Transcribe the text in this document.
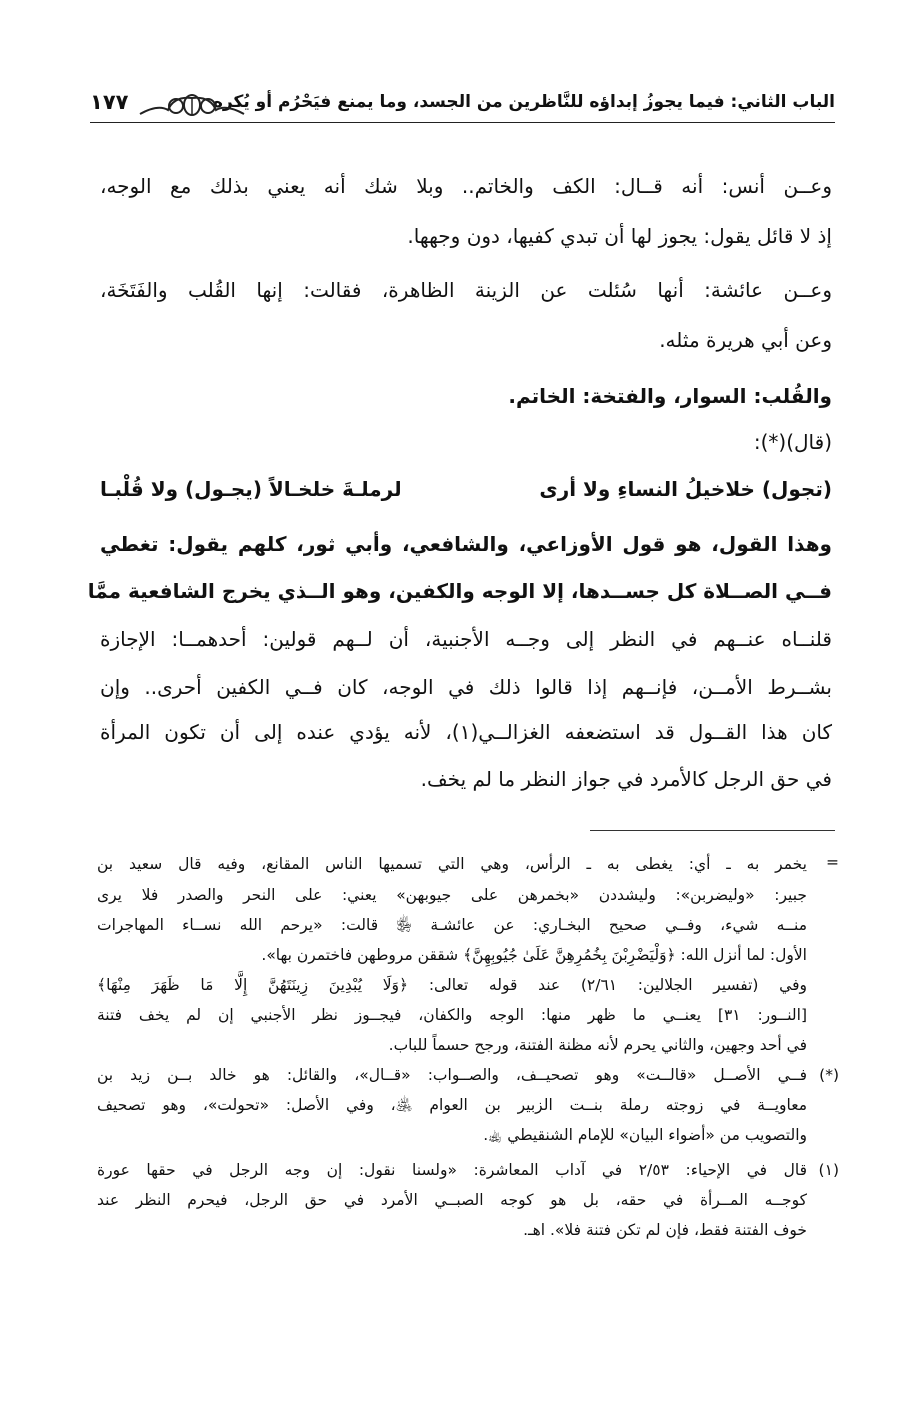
الباب الثاني: فيما يجوزُ إبداؤه للنَّاظرين من الجسد، وما يمنع فيَحْرُم أو يُكره
١٧٧
وعــن أنس: أنه قــال: الكف والخاتم.. وبلا شك أنه يعني بذلك مع الوجه،
إذ لا قائل يقول: يجوز لها أن تبدي كفيها، دون وجهها.
وعــن عائشة: أنها سُئلت عن الزينة الظاهرة، فقالت: إنها القُلب والفَتَخَة،
وعن أبي هريرة مثله.
والقُلب: السوار، والفتخة: الخاتم.
(قال)(*):
(تجول) خلاخيلُ النساءِ ولا أرى
لرملـةَ خلخـالاً (يجـول) ولا قُلْبـا
وهذا القول، هو قول الأوزاعي، والشافعي، وأبي ثور، كلهم يقول: تغطي
فــي الصــلاة كل جســدها، إلا الوجه والكفين، وهو الــذي يخرج الشافعية ممَّا
قلنــاه عنــهم في النظر إلى وجــه الأجنبية، أن لــهم قولين: أحدهمــا: الإجازة
بشــرط الأمــن، فإنــهم إذا قالوا ذلك في الوجه، كان فــي الكفين أحرى.. وإن
كان هذا القــول قد استضعفه الغزالــي(١)، لأنه يؤدي عنده إلى أن تكون المرأة
في حق الرجل كالأمرد في جواز النظر ما لم يخف.
=
يخمر به ـ أي: يغطى به ـ الرأس، وهي التي تسميها الناس المقانع، وفيه قال سعيد بن
جبير: «وليضربن»: وليشددن «بخمرهن على جيوبهن» يعني: على النحر والصدر فلا يرى
منــه شيء، وفــي صحيح البخـاري: عن عائشـة ﵂ قالت: «يرحم الله نســاء المهاجرات
الأول: لما أنزل الله: ﴿وَلْيَضْرِبْنَ بِخُمُرِهِنَّ عَلَىٰ جُيُوبِهِنَّ﴾ شققن مروطهن فاختمرن بها».
وفي (تفسير الجلالين: ٢/٦١) عند قوله تعالى: ﴿وَلَا يُبْدِينَ زِينَتَهُنَّ إِلَّا مَا ظَهَرَ مِنْهَا﴾
[النــور: ٣١] يعنــي ما ظهر منها: الوجه والكفان، فيجــوز نظر الأجنبي إن لم يخف فتنة
في أحد وجهين، والثاني يحرم لأنه مظنة الفتنة، ورجح حسماً للباب.
(*)
فــي الأصــل «قالــت» وهو تصحيــف، والصــواب: «قــال»، والقائل: هو خالد بــن زيد بن
معاويــة في زوجته رملة بنــت الزبير بن العوام ﵁، وفي الأصل: «تحولت»، وهو تصحيف
والتصويب من «أضواء البيان» للإمام الشنقيطي ﵀.
(١)
قال في الإحياء: ٢/٥٣ في آداب المعاشرة: «ولسنا نقول: إن وجه الرجل في حقها عورة
كوجــه المــرأة في حقه، بل هو كوجه الصبــي الأمرد في حق الرجل، فيحرم النظر عند
خوف الفتنة فقط، فإن لم تكن فتنة فلا». اهـ.
